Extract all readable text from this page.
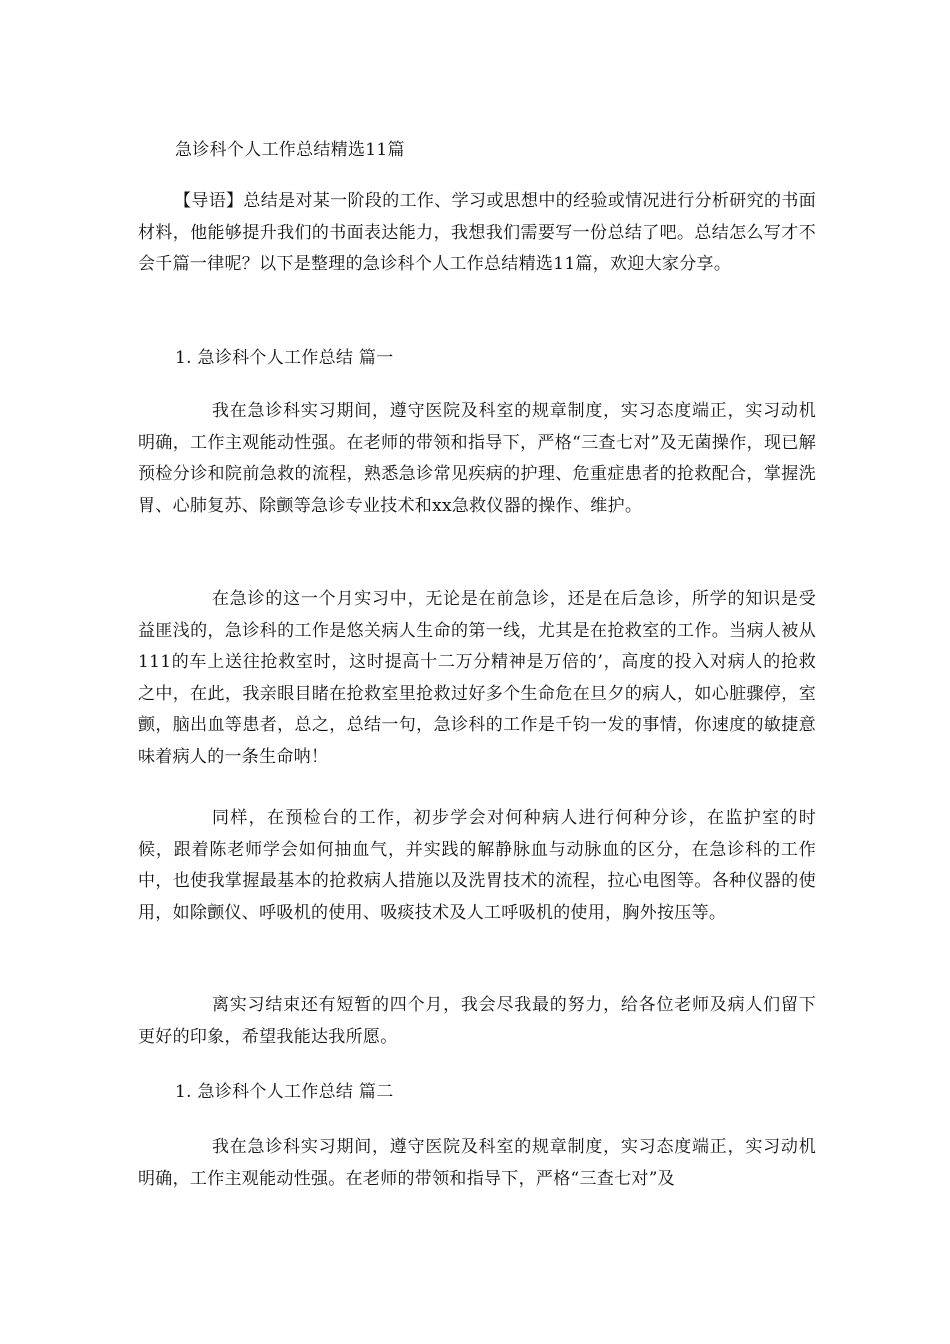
急诊科个人工作总结精选11篇
【导语】总结是对某一阶段的工作、学习或思想中的经验或情况进行分析研究的书面材料，他能够提升我们的书面表达能力，我想我们需要写一份总结了吧。总结怎么写才不会千篇一律呢？以下是整理的急诊科个人工作总结精选11篇，欢迎大家分享。
1. 急诊科个人工作总结 篇一
我在急诊科实习期间，遵守医院及科室的规章制度，实习态度端正，实习动机明确，工作主观能动性强。在老师的带领和指导下，严格“三查七对”及无菌操作，现已解预检分诊和院前急救的流程，熟悉急诊常见疾病的护理、危重症患者的抢救配合，掌握洗胃、心肺复苏、除颤等急诊专业技术和xx急救仪器的操作、维护。
在急诊的这一个月实习中，无论是在前急诊，还是在后急诊，所学的知识是受益匪浅的，急诊科的工作是悠关病人生命的第一线，尤其是在抢救室的工作。当病人被从111的车上送往抢救室时，这时提高十二万分精神是万倍的’，高度的投入对病人的抢救之中，在此，我亲眼目睹在抢救室里抢救过好多个生命危在旦夕的病人，如心脏骤停，室颤，脑出血等患者，总之，总结一句，急诊科的工作是千钧一发的事情，你速度的敏捷意味着病人的一条生命呐！
同样，在预检台的工作，初步学会对何种病人进行何种分诊，在监护室的时候，跟着陈老师学会如何抽血气，并实践的解静脉血与动脉血的区分，在急诊科的工作中，也使我掌握最基本的抢救病人措施以及洗胃技术的流程，拉心电图等。各种仪器的使用，如除颤仪、呼吸机的使用、吸痰技术及人工呼吸机的使用，胸外按压等。
离实习结束还有短暂的四个月，我会尽我最的努力，给各位老师及病人们留下更好的印象，希望我能达我所愿。
1. 急诊科个人工作总结 篇二
我在急诊科实习期间，遵守医院及科室的规章制度，实习态度端正，实习动机明确，工作主观能动性强。在老师的带领和指导下，严格“三查七对”及
